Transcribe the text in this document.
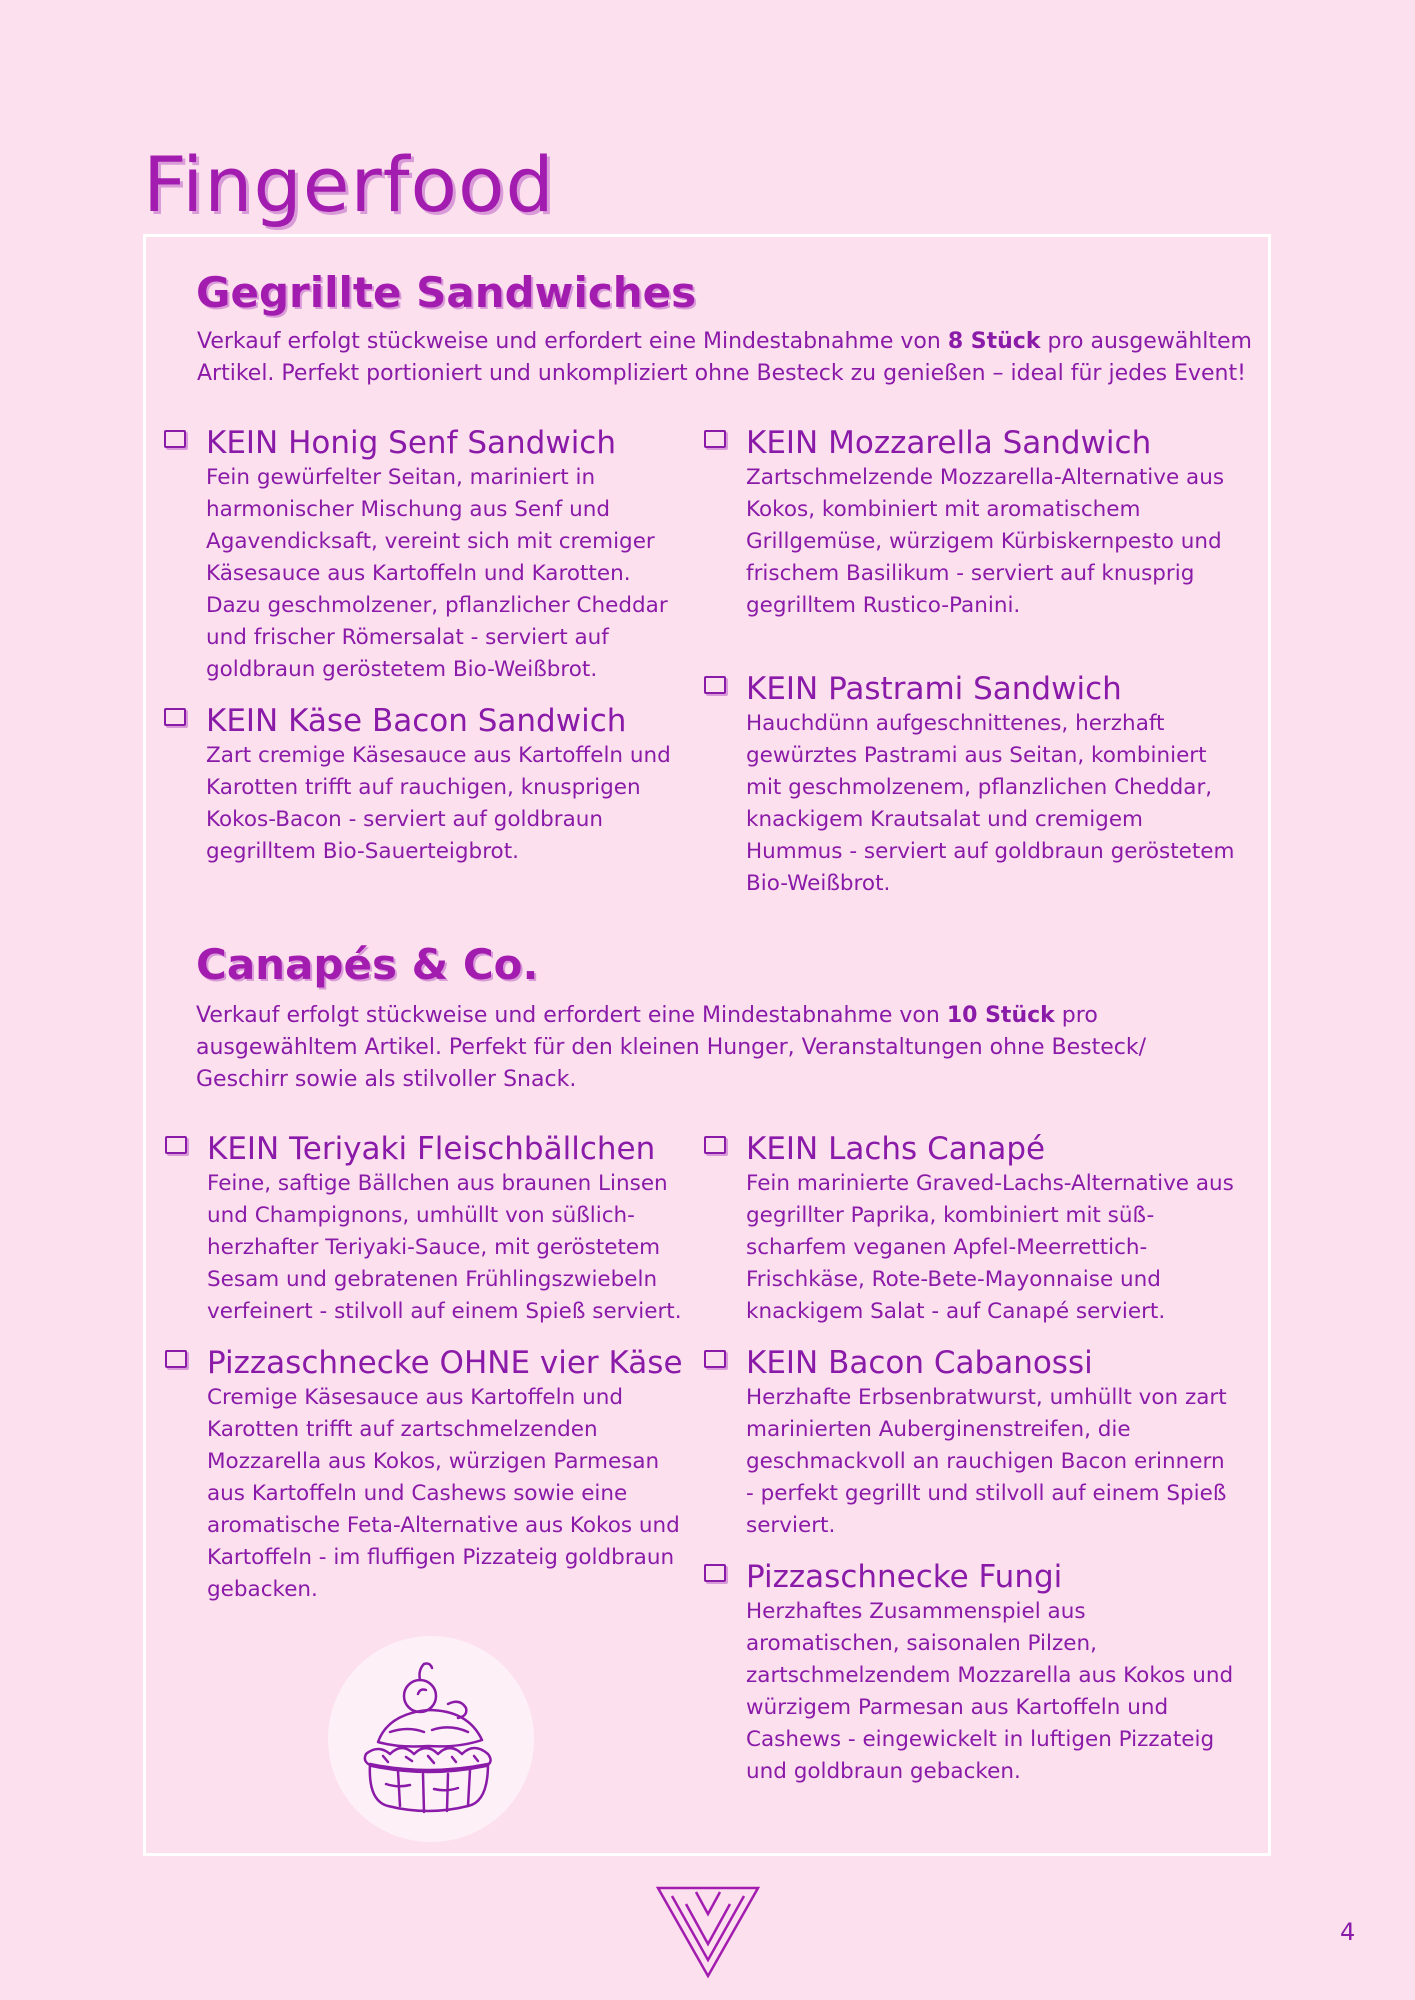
Fingerfood
Gegrillte Sandwiches

Verkauf erfolgt stückweise und erfordert eine Mindestabnahme von 8 Stück pro ausgewähltem Artikel. Perfekt portioniert und unkompliziert ohne Besteck zu genießen – ideal für jedes Event!

KEIN Honig Senf Sandwich

Fein gewürfelter Seitan, mariniert in harmonischer Mischung aus Senf und Agavendicksaft, vereint sich mit cremiger Käsesauce aus Kartoffeln und Karotten. Dazu geschmolzener, pflanzlicher Cheddar und frischer Römersalat - serviert auf goldbraun geröstetem Bio-Weißbrot.

KEIN Käse Bacon Sandwich

Zart cremige Käsesauce aus Kartoffeln und Karotten trifft auf rauchigen, knusprigen Kokos-Bacon - serviert auf goldbraun gegrilltem Bio-Sauerteigbrot.

KEIN Mozzarella Sandwich

Zartschmelzende Mozzarella-Alternative aus Kokos, kombiniert mit aromatischem Grillgemüse, würzigem Kürbiskernpesto und frischem Basilikum - serviert auf knusprig gegrilltem Rustico-Panini.

KEIN Pastrami Sandwich

Hauchdünn aufgeschnittenes, herzhaft gewürztes Pastrami aus Seitan, kombiniert mit geschmolzenem, pflanzlichen Cheddar, knackigem Krautsalat und cremigem Hummus - serviert auf goldbraun geröstetem Bio-Weißbrot.

Canapés & Co.

Verkauf erfolgt stückweise und erfordert eine Mindestabnahme von 10 Stück pro ausgewähltem Artikel. Perfekt für den kleinen Hunger, Veranstaltungen ohne Besteck/ Geschirr sowie als stilvoller Snack.

KEIN Teriyaki Fleischbällchen

Feine, saftige Bällchen aus braunen Linsen und Champignons, umhüllt von süßlich-herzhafter Teriyaki-Sauce, mit geröstetem Sesam und gebratenen Frühlingszwiebeln verfeinert - stilvoll auf einem Spieß serviert.

Pizzaschnecke OHNE vier Käse

Cremige Käsesauce aus Kartoffeln und Karotten trifft auf zartschmelzenden Mozzarella aus Kokos, würzigen Parmesan aus Kartoffeln und Cashews sowie eine aromatische Feta-Alternative aus Kokos und Kartoffeln - im fluffigen Pizzateig goldbraun gebacken.

KEIN Lachs Canapé

Fein marinierte Graved-Lachs-Alternative aus gegrillter Paprika, kombiniert mit süß-scharfem veganen Apfel-Meerrettich-Frischkäse, Rote-Bete-Mayonnaise und knackigem Salat - auf Canapé serviert.

KEIN Bacon Cabanossi

Herzhafte Erbsenbratwurst, umhüllt von zart marinierten Auberginenstreifen, die geschmackvoll an rauchigen Bacon erinnern - perfekt gegrillt und stilvoll auf einem Spieß serviert.

Pizzaschnecke Fungi

Herzhaftes Zusammenspiel aus aromatischen, saisonalen Pilzen, zartschmelzendem Mozzarella aus Kokos und würzigem Parmesan aus Kartoffeln und Cashews - eingewickelt in luftigen Pizzateig und goldbraun gebacken.

4
